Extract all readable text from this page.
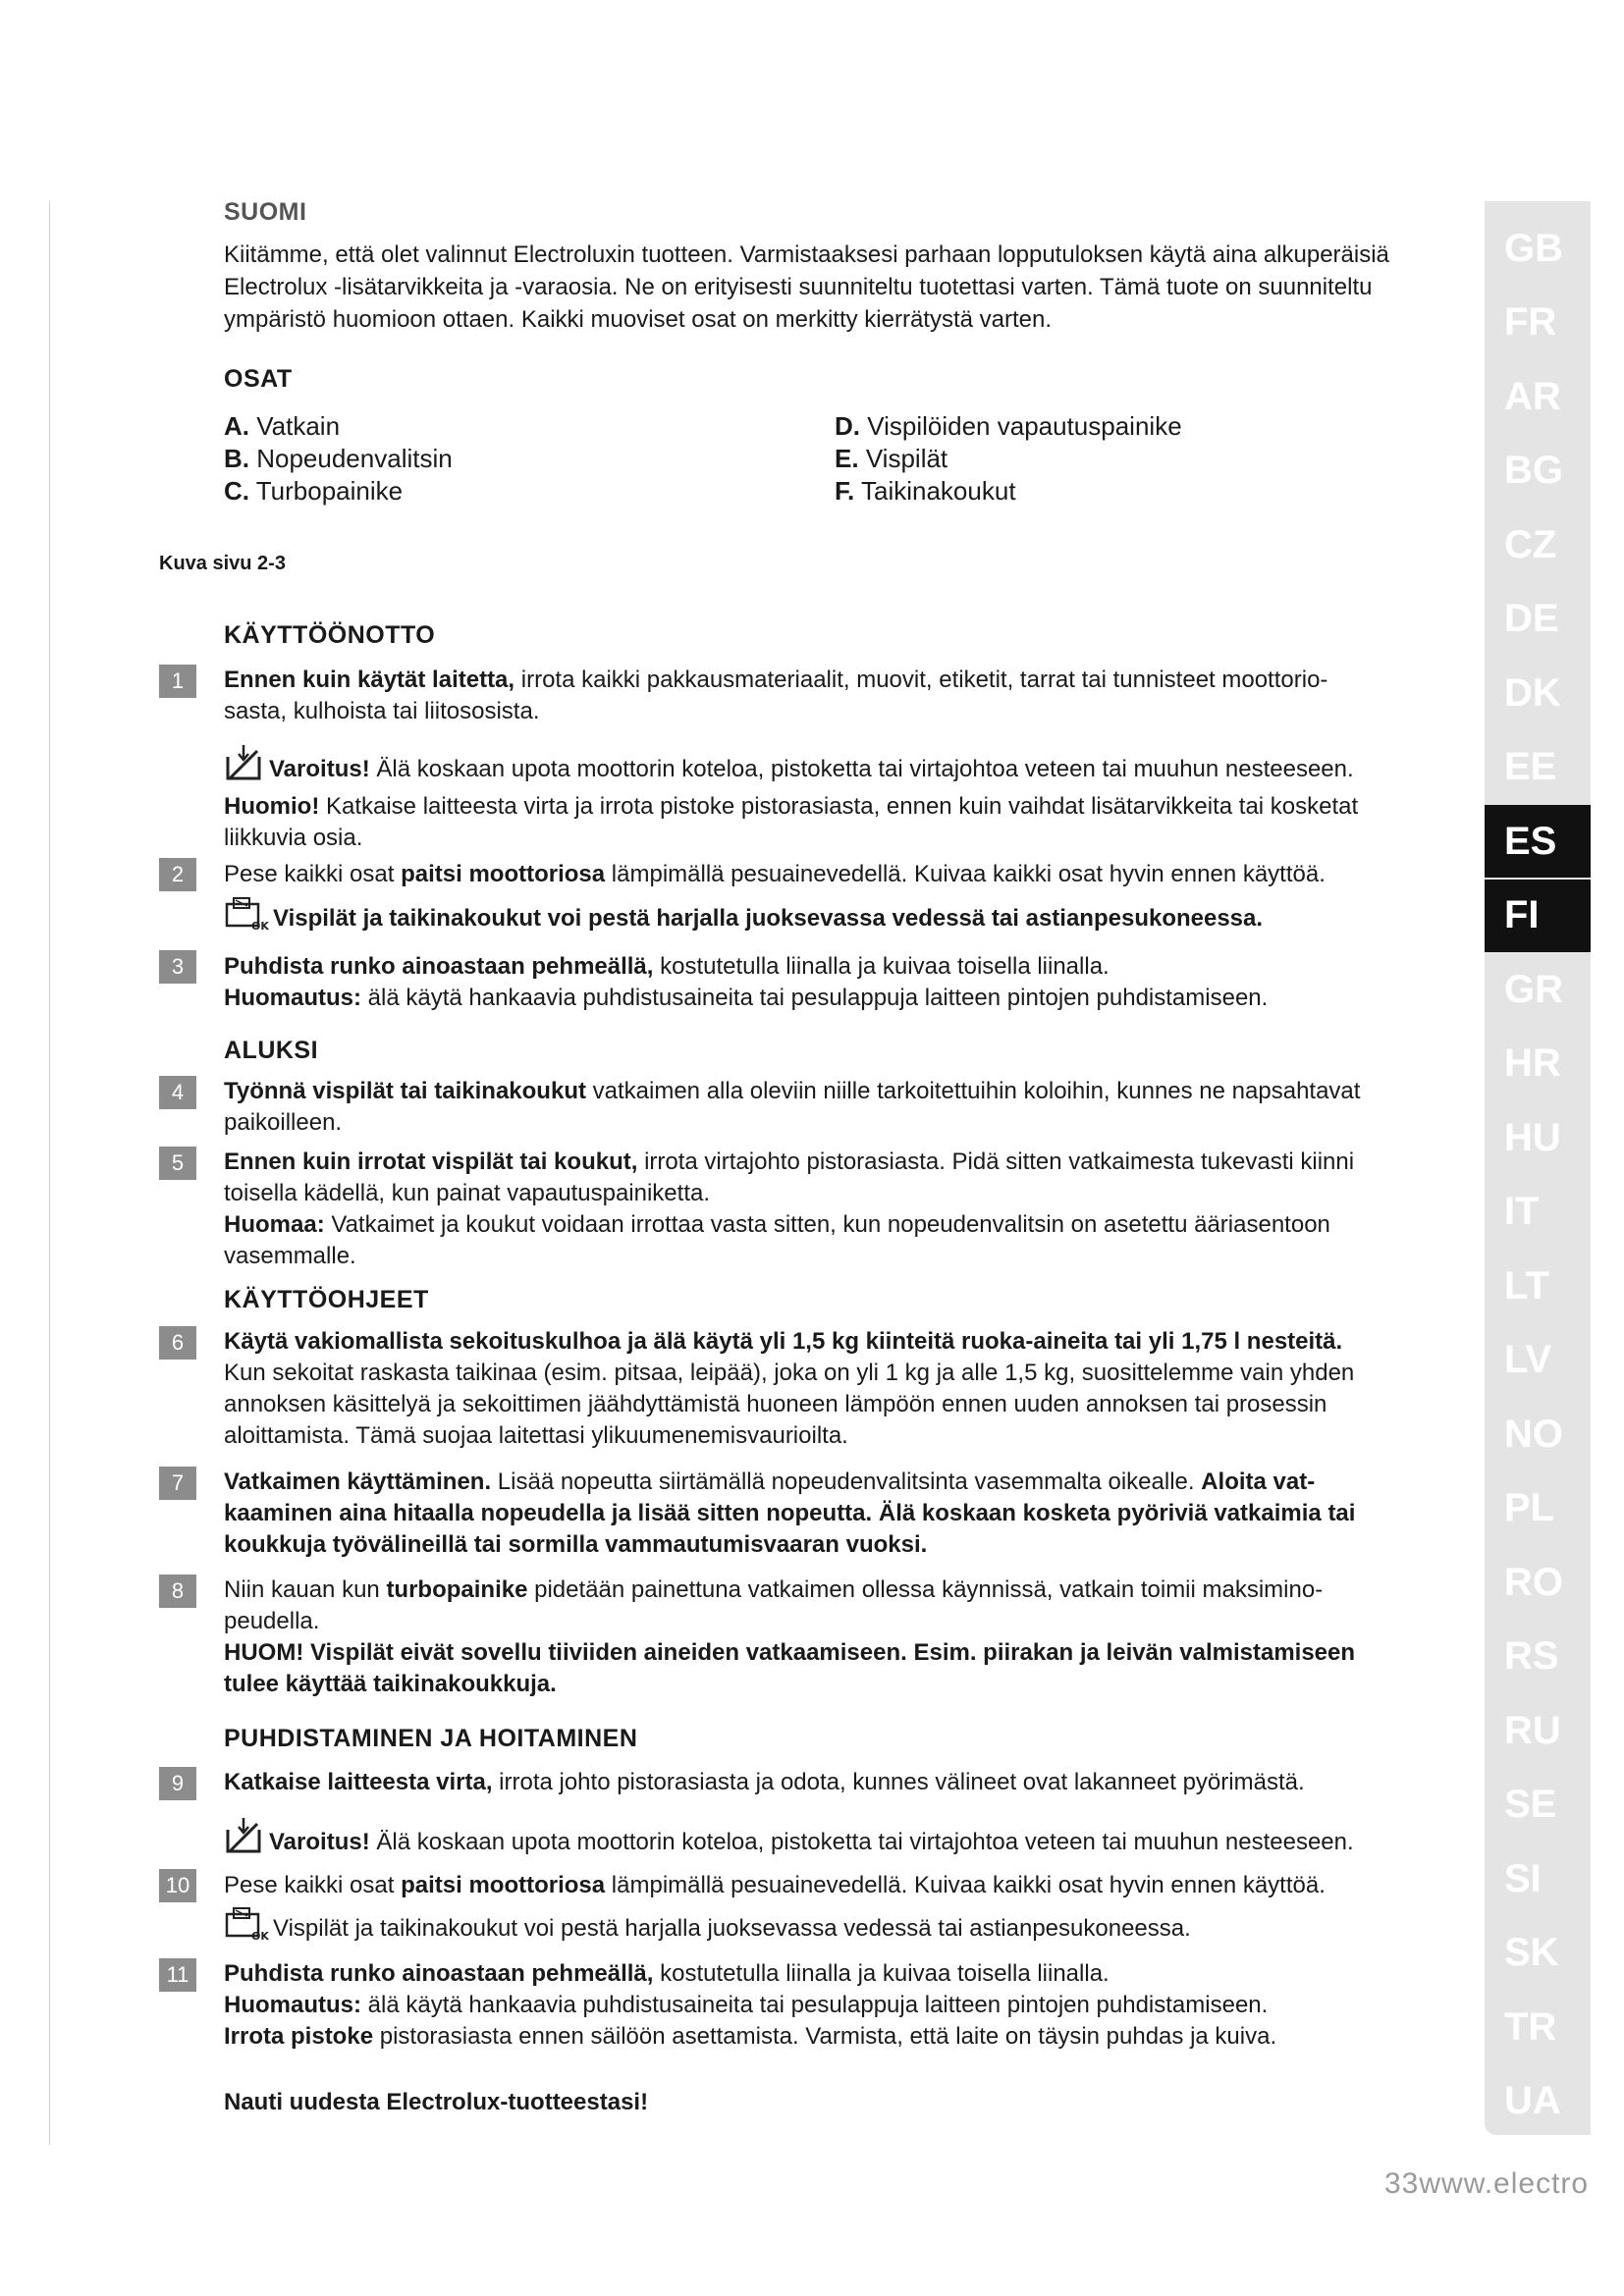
SUOMI
Kiitämme, että olet valinnut Electroluxin tuotteen. Varmistaaksesi parhaan lopputuloksen käytä aina alkuperäisiä Electrolux -lisätarvikkeita ja -varaosia. Ne on erityisesti suunniteltu tuotettasi varten. Tämä tuote on suunniteltu ympäristö huomioon ottaen. Kaikki muoviset osat on merkitty kierrätystä varten.
OSAT
A. Vatkain
B. Nopeudenvalitsin
C. Turbopainike
D. Vispilöiden vapautuspainike
E. Vispilät
F. Taikinakoukut
Kuva sivu 2-3
KÄYTTÖÖNOTTO
1	Ennen kuin käytät laitetta, irrota kaikki pakkausmateriaalit, muovit, etiketit, tarrat tai tunnisteet moottorio-
sasta, kulhoista tai liitososista.
Varoitus! Älä koskaan upota moottorin koteloa, pistoketta tai virtajohtoa veteen tai muuhun nesteeseen.
Huomio! Katkaise laitteesta virta ja irrota pistoke pistorasiasta, ennen kuin vaihdat lisätarvikkeita tai kosketat
liikkuvia osia.
2	Pese kaikki osat paitsi moottoriosa lämpimällä pesuainevedellä. Kuivaa kaikki osat hyvin ennen käyttöä.
OK Vispilät ja taikinakoukut voi pestä harjalla juoksevassa vedessä tai astianpesukoneessa.
3	Puhdista runko ainoastaan pehmeällä, kostutetulla liinalla ja kuivaa toisella liinalla.
Huomautus: älä käytä hankaavia puhdistusaineita tai pesulappuja laitteen pintojen puhdistamiseen.
ALUKSI
4	Työnnä vispilät tai taikinakoukut vatkaimen alla oleviin niille tarkoitettuihin koloihin, kunnes ne napsahtavat
paikoilleen.
5	Ennen kuin irrotat vispilät tai koukut, irrota virtajohto pistorasiasta. Pidä sitten vatkaimesta tukevasti kiinni
toisella kädellä, kun painat vapautuspainiketta.
Huomaa: Vatkaimet ja koukut voidaan irrottaa vasta sitten, kun nopeudenvalitsin on asetettu ääriasentoon
vasemmalle.
KÄYTTÖOHJEET
6	Käytä vakiomallista sekoituskulhoa ja älä käytä yli 1,5 kg kiinteitä ruoka-aineita tai yli 1,75 l nesteitä.
Kun sekoitat raskasta taikinaa (esim. pitsaa, leipää), joka on yli 1 kg ja alle 1,5 kg, suosittelemme vain yhden
annoksen käsittelyä ja sekoittimen jäähdyttämistä huoneen lämpöön ennen uuden annoksen tai prosessin
aloittamista. Tämä suojaa laitettasi ylikuumenemisvaurioilta.
7	Vatkaimen käyttäminen. Lisää nopeutta siirtämällä nopeudenvalitsinta vasemmalta oikealle. Aloita vat-
kaaminen aina hitaalla nopeudella ja lisää sitten nopeutta. Älä koskaan kosketa pyöriviä vatkaimia tai
koukkuja työvälineillä tai sormilla vammautumisvaaran vuoksi.
8	Niin kauan kun turbopainike pidetään painettuna vatkaimen ollessa käynnissä, vatkain toimii maksimino-
peudella.
HUOM! Vispilät eivät sovellu tiiviiden aineiden vatkaamiseen. Esim. piirakan ja leivän valmistamiseen
tulee käyttää taikinakoukkuja.
PUHDISTAMINEN JA HOITAMINEN
9	Katkaise laitteesta virta, irrota johto pistorasiasta ja odota, kunnes välineet ovat lakanneet pyörimästä.
Varoitus! Älä koskaan upota moottorin koteloa, pistoketta tai virtajohtoa veteen tai muuhun nesteeseen.
10 Pese kaikki osat paitsi moottoriosa lämpimällä pesuainevedellä. Kuivaa kaikki osat hyvin ennen käyttöä.
OK Vispilät ja taikinakoukut voi pestä harjalla juoksevassa vedessä tai astianpesukoneessa.
11	Puhdista runko ainoastaan pehmeällä, kostutetulla liinalla ja kuivaa toisella liinalla.
Huomautus: älä käytä hankaavia puhdistusaineita tai pesulappuja laitteen pintojen puhdistamiseen.
Irrota pistoke pistorasiasta ennen säilöön asettamista. Varmista, että laite on täysin puhdas ja kuiva.
Nauti uudesta Electrolux-tuotteestasi!
GB
FR
AR
BG
CZ
DE
DK
EE
ES
FI
GR
HR
HU
IT
LT
LV
NO
PL
RO
RS
RU
SE
SI
SK
TR
UA
33www.electro
